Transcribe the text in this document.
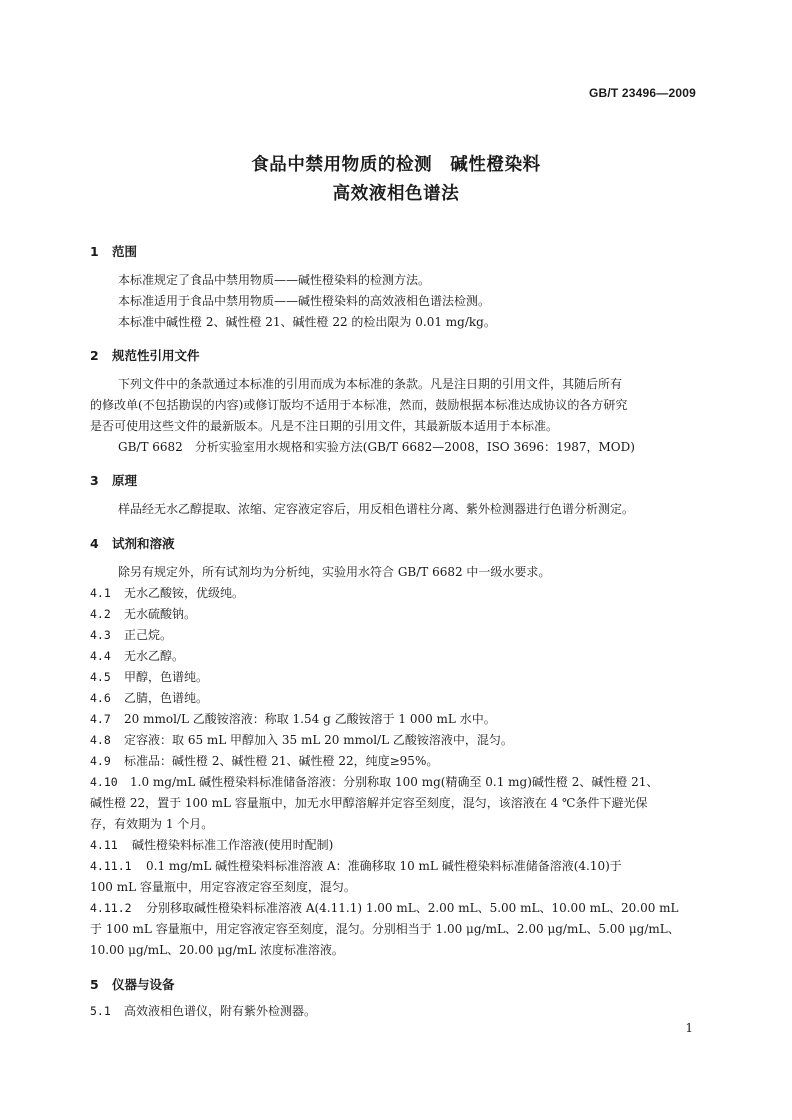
GB/T 23496—2009
食品中禁用物质的检测　碱性橙染料
高效液相色谱法
1 范围
本标准规定了食品中禁用物质——碱性橙染料的检测方法。
本标准适用于食品中禁用物质——碱性橙染料的高效液相色谱法检测。
本标准中碱性橙 2、碱性橙 21、碱性橙 22 的检出限为 0.01 mg/kg。
2 规范性引用文件
下列文件中的条款通过本标准的引用而成为本标准的条款。凡是注日期的引用文件，其随后所有
的修改单(不包括勘误的内容)或修订版均不适用于本标准，然而，鼓励根据本标准达成协议的各方研究
是否可使用这些文件的最新版本。凡是不注日期的引用文件，其最新版本适用于本标准。
GB/T 6682　分析实验室用水规格和实验方法(GB/T 6682—2008，ISO 3696：1987，MOD)
3 原理
样品经无水乙醇提取、浓缩、定容液定容后，用反相色谱柱分离、紫外检测器进行色谱分析测定。
4 试剂和溶液
除另有规定外，所有试剂均为分析纯，实验用水符合 GB/T 6682 中一级水要求。
4.1 无水乙酸铵，优级纯。
4.2 无水硫酸钠。
4.3 正己烷。
4.4 无水乙醇。
4.5 甲醇，色谱纯。
4.6 乙腈，色谱纯。
4.7 20 mmol/L 乙酸铵溶液：称取 1.54 g 乙酸铵溶于 1 000 mL 水中。
4.8 定容液：取 65 mL 甲醇加入 35 mL 20 mmol/L 乙酸铵溶液中，混匀。
4.9 标准品：碱性橙 2、碱性橙 21、碱性橙 22，纯度≥95%。
4.10 1.0 mg/mL 碱性橙染料标准储备溶液：分别称取 100 mg(精确至 0.1 mg)碱性橙 2、碱性橙 21、
碱性橙 22，置于 100 mL 容量瓶中，加无水甲醇溶解并定容至刻度，混匀，该溶液在 4 ℃条件下避光保
存，有效期为 1 个月。
4.11 碱性橙染料标准工作溶液(使用时配制)
4.11.1 0.1 mg/mL 碱性橙染料标准溶液 A：准确移取 10 mL 碱性橙染料标准储备溶液(4.10)于
100 mL 容量瓶中，用定容液定容至刻度，混匀。
4.11.2 分别移取碱性橙染料标准溶液 A(4.11.1) 1.00 mL、2.00 mL、5.00 mL、10.00 mL、20.00 mL
于 100 mL 容量瓶中，用定容液定容至刻度，混匀。分别相当于 1.00 μg/mL、2.00 μg/mL、5.00 μg/mL、
10.00 μg/mL、20.00 μg/mL 浓度标准溶液。
5 仪器与设备
5.1 高效液相色谱仪，附有紫外检测器。
1
